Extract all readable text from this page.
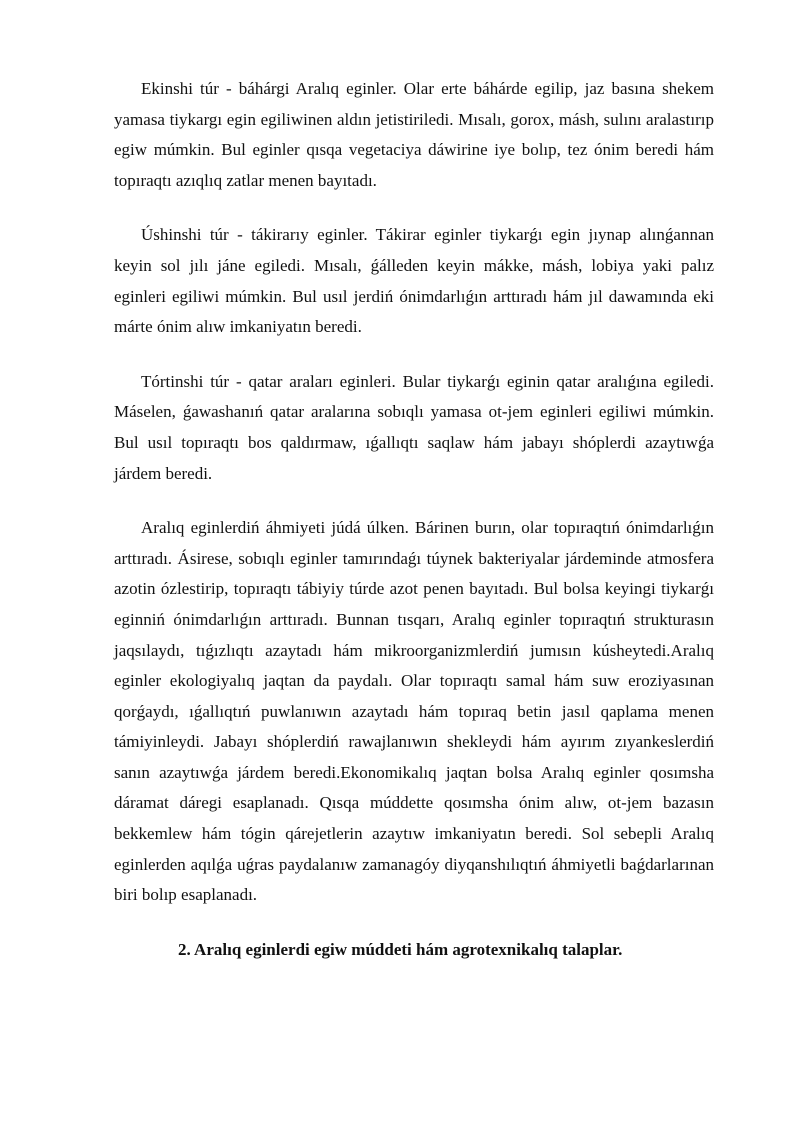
Ekinshi túr - báhárgi Aralıq eginler. Olar erte báhárde egilip, jaz basına shekem yamasa tiykargı egin egiliwinen aldın jetistiriledi. Mısalı, gorox, másh, sulını aralastırıp egiw múmkin. Bul eginler qısqa vegetaciya dáwirine iye bolıp, tez ónim beredi hám topıraqtı azıqlıq zatlar menen bayıtadı.

Úshinshi túr - tákirarıy eginler. Tákirar eginler tiykarǵı egin jıynap alınǵannan keyin sol jılı jáne egiledi. Mısalı, ǵálleden keyin mákke, másh, lobiya yaki palız eginleri egiliwi múmkin. Bul usıl jerdiń ónimdarlıǵın arttıradı hám jıl dawamında eki márte ónim alıw imkaniyatın beredi.

Tórtinshi túr - qatar araları eginleri. Bular tiykarǵı eginin qatar aralıǵına egiledi. Máselen, ǵawashanıń qatar aralarına sobıqlı yamasa ot-jem eginleri egiliwi múmkin. Bul usıl topıraqtı bos qaldırmaw, ıǵallıqtı saqlaw hám jabayı shóplerdi azaytıwǵa járdem beredi.

Aralıq eginlerdiń áhmiyeti júdá úlken. Bárinen burın, olar topıraqtıń ónimdarlıǵın arttıradı. Ásirese, sobıqlı eginler tamırındaǵı túynek bakteriyalar járdeminde atmosfera azotin ózlestirip, topıraqtı tábiyiy túrde azot penen bayıtadı. Bul bolsa keyingi tiykarǵı eginniń ónimdarlıǵın arttıradı. Bunnan tısqarı, Aralıq eginler topıraqtıń strukturasın jaqsılaydı, tıǵızlıqtı azaytadı hám mikroorganizmlerdiń jumısın kúsheytedi.Aralıq eginler ekologiyalıq jaqtan da paydalı. Olar topıraqtı samal hám suw eroziyasınan qorǵaydı, ıǵallıqtıń puwlanıwın azaytadı hám topıraq betin jasıl qaplama menen támiyinleydi. Jabayı shóplerdiń rawajlanıwın shekleydi hám ayırım zıyankeslerdiń sanın azaytıwǵa járdem beredi.Ekonomikalıq jaqtan bolsa Aralıq eginler qosımsha dáramat dáregi esaplanadı. Qısqa múddette qosımsha ónim alıw, ot-jem bazasın bekkemlew hám tógin qárejetlerin azaytıw imkaniyatın beredi. Sol sebepli Aralıq eginlerden aqılǵa uǵras paydalanıw zamanagóy diyqanshılıqtıń áhmiyetli baǵdarlarınan biri bolıp esaplanadı.

2. Aralıq eginlerdi egiw múddeti hám agrotexnikalıq talaplar.
